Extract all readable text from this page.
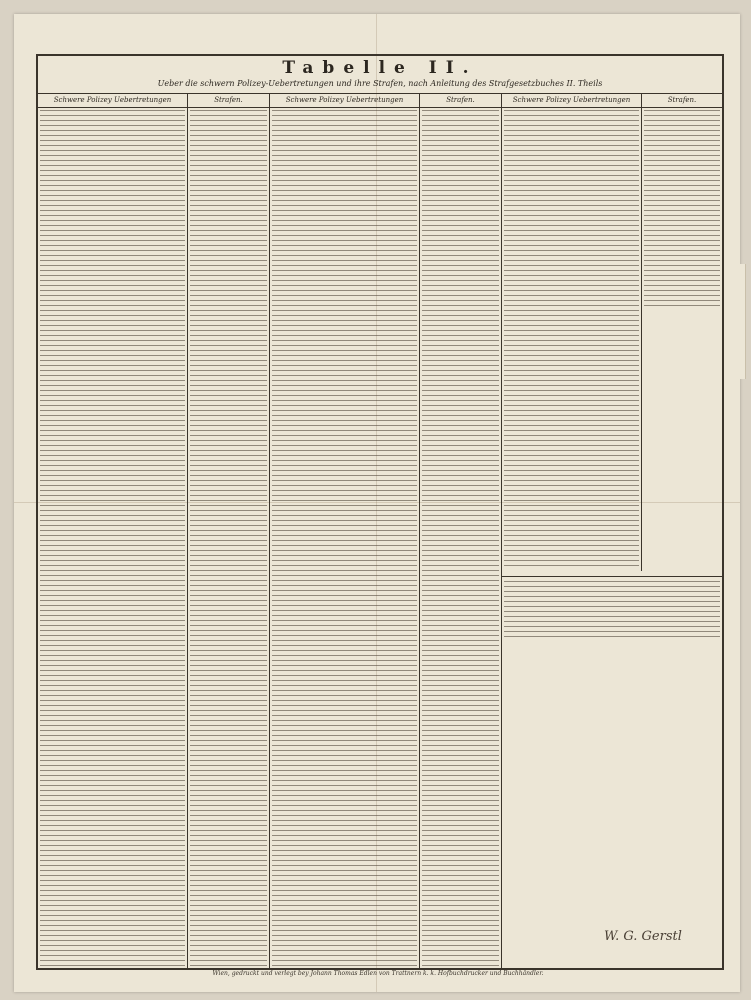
Tabelle II.
Ueber die schwern Polizey-Uebertretungen und ihre Strafen, nach Anleitung des Strafgesetzbuches II. Theils
Schwere Polizey Uebertretungen	Strafen.	Schwere Polizey Uebertretungen	Strafen.	Schwere Polizey Uebertretungen	Strafen.
W. G. Gerstl
Wien, gedruckt und verlegt bey Johann Thomas Edlen von Trattnern k. k. Hofbuchdrucker und Buchhändler.
